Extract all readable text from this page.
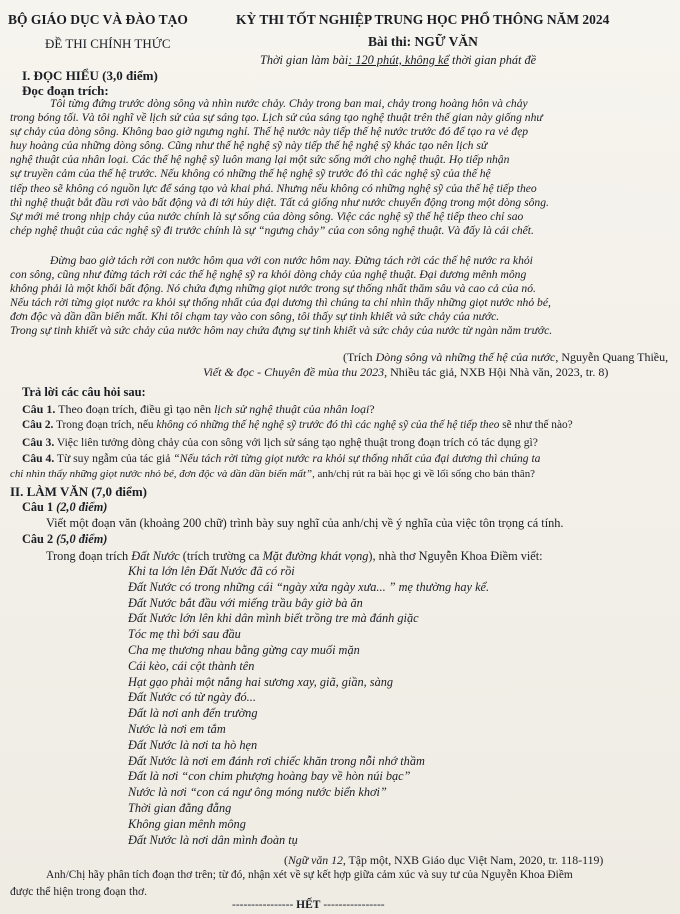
BỘ GIÁO DỤC VÀ ĐÀO TẠO
ĐỀ THI CHÍNH THỨC
KỲ THI TỐT NGHIỆP TRUNG HỌC PHỔ THÔNG NĂM 2024
Bài thi: NGỮ VĂN
Thời gian làm bài: 120 phút, không kể thời gian phát đề
I. ĐỌC HIỂU (3,0 điểm)
Đọc đoạn trích:
Tôi từng đứng trước dòng sông và nhìn nước chảy. Chảy trong ban mai, chảy trong hoàng hôn và chảy
trong bóng tối. Và tôi nghĩ về lịch sử của sự sáng tạo. Lịch sử của sáng tạo nghệ thuật trên thế gian này giống như
sự chảy của dòng sông. Không bao giờ ngưng nghỉ. Thế hệ nước này tiếp thế hệ nước trước đó để tạo ra vẻ đẹp
huy hoàng của những dòng sông. Cũng như thế hệ nghệ sỹ này tiếp thế hệ nghệ sỹ khác tạo nên lịch sử
nghệ thuật của nhân loại. Các thế hệ nghệ sỹ luôn mang lại một sức sống mới cho nghệ thuật. Họ tiếp nhận
sự truyền cảm của thế hệ trước. Nếu không có những thế hệ nghệ sỹ trước đó thì các nghệ sỹ của thế hệ
tiếp theo sẽ không có nguồn lực để sáng tạo và khai phá. Nhưng nếu không có những nghệ sỹ của thế hệ tiếp theo
thì nghệ thuật bắt đầu rơi vào bất động và đi tới hủy diệt. Tất cả giống như nước chuyển động trong một dòng sông.
Sự mới mẻ trong nhịp chảy của nước chính là sự sống của dòng sông. Việc các nghệ sỹ thế hệ tiếp theo chỉ sao
chép nghệ thuật của các nghệ sỹ đi trước chính là sự “ngưng chảy” của con sông nghệ thuật. Và đấy là cái chết.
Đừng bao giờ tách rời con nước hôm qua với con nước hôm nay. Đừng tách rời các thế hệ nước ra khỏi
con sông, cũng như đừng tách rời các thế hệ nghệ sỹ ra khỏi dòng chảy của nghệ thuật. Đại dương mênh mông
không phải là một khối bất động. Nó chứa đựng những giọt nước trong sự thống nhất thăm sâu và cao cả của nó.
Nếu tách rời từng giọt nước ra khỏi sự thống nhất của đại dương thì chúng ta chỉ nhìn thấy những giọt nước nhỏ bé,
đơn độc và dần dần biến mất. Khi tôi chạm tay vào con sông, tôi thấy sự tinh khiết và sức chảy của nước.
Trong sự tinh khiết và sức chảy của nước hôm nay chứa đựng sự tinh khiết và sức chảy của nước từ ngàn năm trước.
(Trích Dòng sông và những thế hệ của nước, Nguyễn Quang Thiều,
Viết & đọc - Chuyên đề mùa thu 2023, Nhiều tác giả, NXB Hội Nhà văn, 2023, tr. 8)
Trả lời các câu hỏi sau:
Câu 1. Theo đoạn trích, điều gì tạo nên lịch sử nghệ thuật của nhân loại?
Câu 2. Trong đoạn trích, nếu không có những thế hệ nghệ sỹ trước đó thì các nghệ sỹ của thế hệ tiếp theo sẽ như thế nào?
Câu 3. Việc liên tưởng dòng chảy của con sông với lịch sử sáng tạo nghệ thuật trong đoạn trích có tác dụng gì?
Câu 4. Từ suy ngẫm của tác giả “Nếu tách rời từng giọt nước ra khỏi sự thống nhất của đại dương thì chúng ta
chỉ nhìn thấy những giọt nước nhỏ bé, đơn độc và dần dần biến mất”, anh/chị rút ra bài học gì về lối sống cho bản thân?
II. LÀM VĂN (7,0 điểm)
Câu 1 (2,0 điểm)
Viết một đoạn văn (khoảng 200 chữ) trình bày suy nghĩ của anh/chị về ý nghĩa của việc tôn trọng cá tính.
Câu 2 (5,0 điểm)
Trong đoạn trích Đất Nước (trích trường ca Mặt đường khát vọng), nhà thơ Nguyễn Khoa Điềm viết:
Khi ta lớn lên Đất Nước đã có rồi
Đất Nước có trong những cái “ngày xửa ngày xưa... ” mẹ thường hay kể.
Đất Nước bắt đầu với miếng trầu bây giờ bà ăn
Đất Nước lớn lên khi dân mình biết trồng tre mà đánh giặc
Tóc mẹ thì bới sau đầu
Cha mẹ thương nhau bằng gừng cay muối mặn
Cái kèo, cái cột thành tên
Hạt gạo phải một nắng hai sương xay, giã, giần, sàng
Đất Nước có từ ngày đó...
Đất là nơi anh đến trường
Nước là nơi em tắm
Đất Nước là nơi ta hò hẹn
Đất Nước là nơi em đánh rơi chiếc khăn trong nỗi nhớ thầm
Đất là nơi “con chim phượng hoàng bay về hòn núi bạc”
Nước là nơi “con cá ngư ông móng nước biển khơi”
Thời gian đằng đẵng
Không gian mênh mông
Đất Nước là nơi dân mình đoàn tụ
(Ngữ văn 12, Tập một, NXB Giáo dục Việt Nam, 2020, tr. 118-119)
Anh/Chị hãy phân tích đoạn thơ trên; từ đó, nhận xét về sự kết hợp giữa cảm xúc và suy tư của Nguyễn Khoa Điềm
được thể hiện trong đoạn thơ.
---------------- HẾT ----------------
